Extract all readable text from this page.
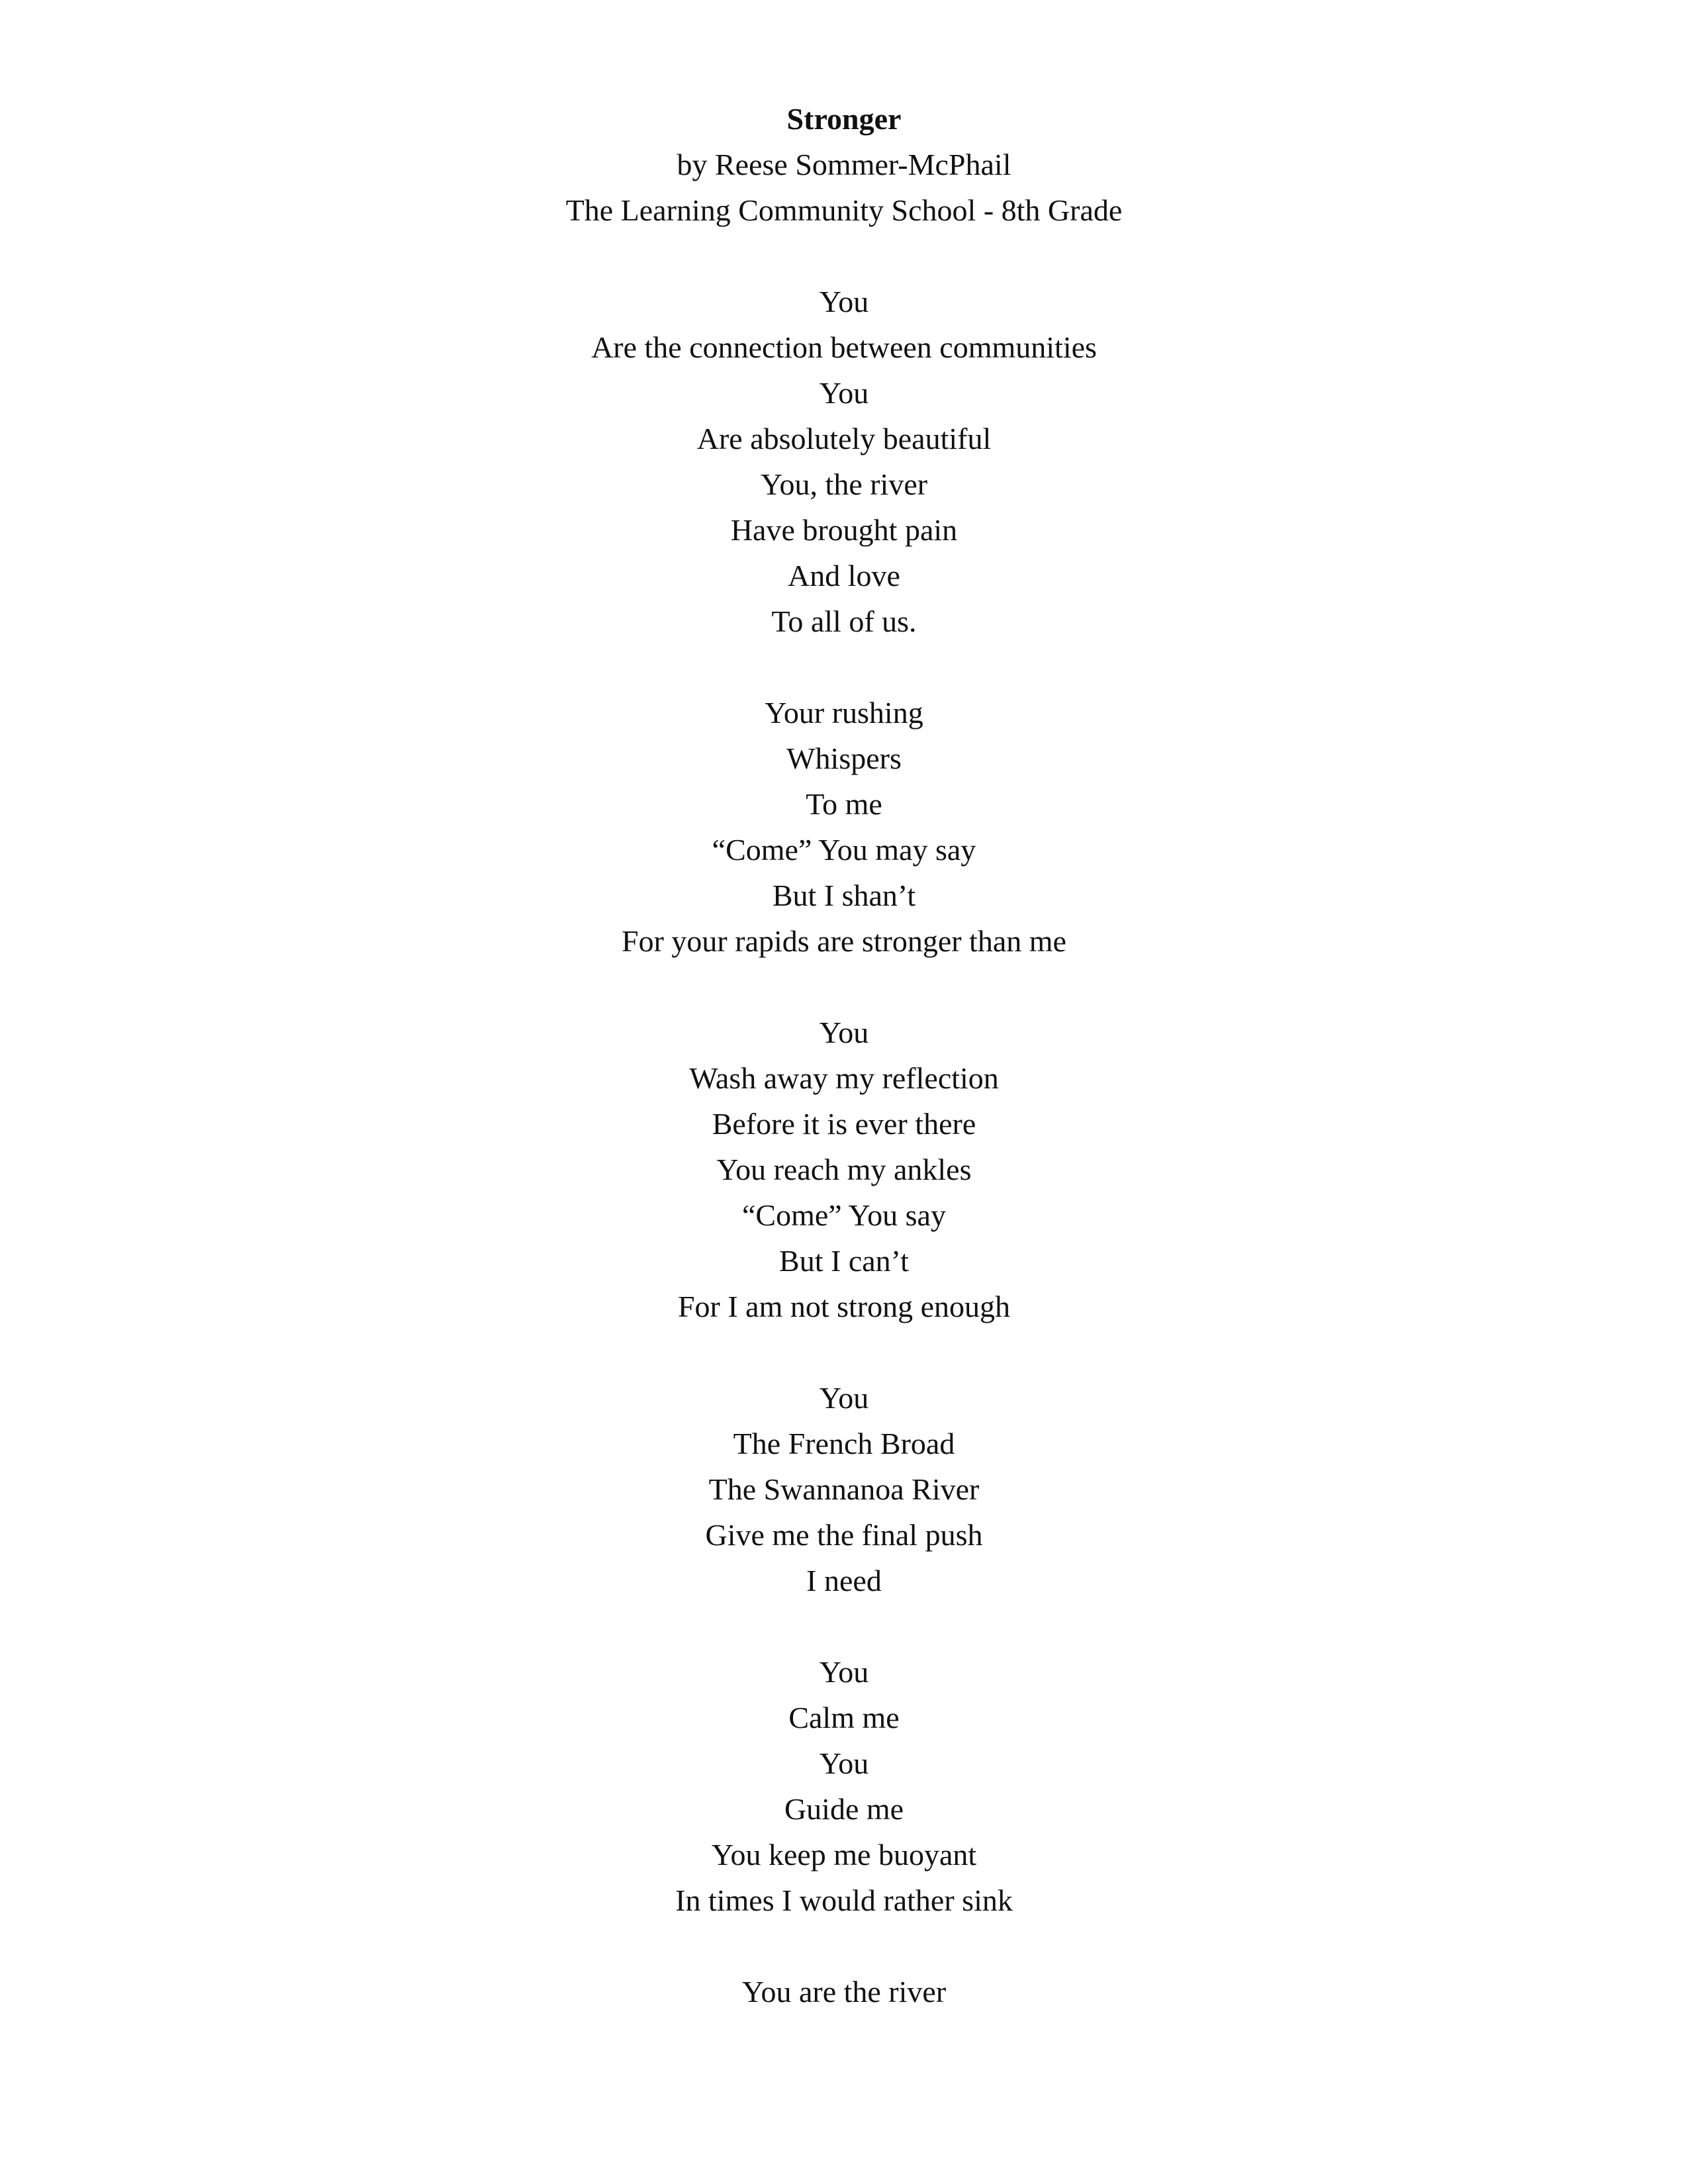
Stronger
by Reese Sommer-McPhail
The Learning Community School - 8th Grade
You
Are the connection between communities
You
Are absolutely beautiful
You, the river
Have brought pain
And love
To all of us.
Your rushing
Whispers
To me
“Come” You may say
But I shan’t
For your rapids are stronger than me
You
Wash away my reflection
Before it is ever there
You reach my ankles
“Come” You say
But I can’t
For I am not strong enough
You
The French Broad
The Swannanoa River
Give me the final push
I need
You
Calm me
You
Guide me
You keep me buoyant
In times I would rather sink
You are the river
